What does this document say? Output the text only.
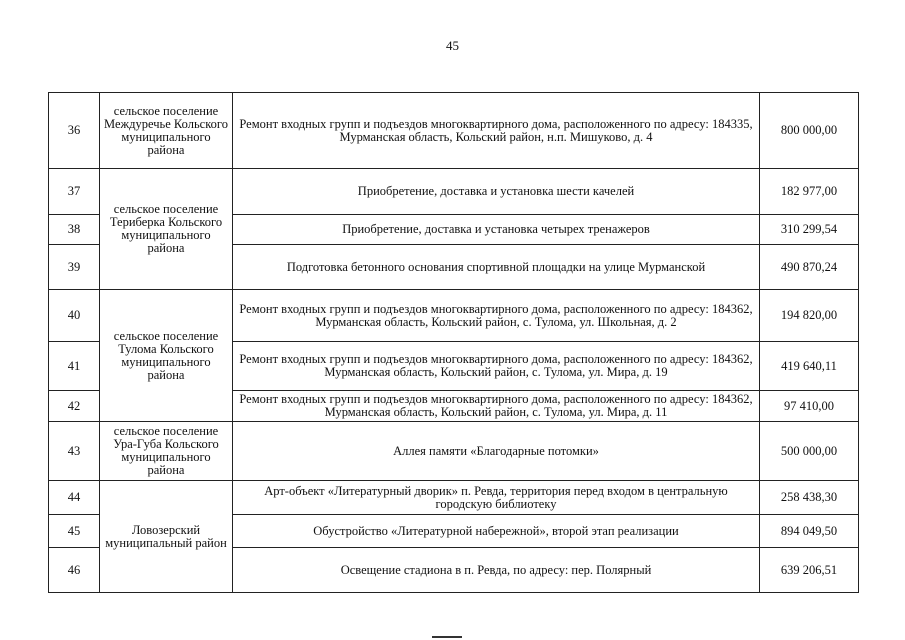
45
36	сельское поселение Междуречье Кольского муниципального района	Ремонт входных групп и подъездов многоквартирного дома, расположенного по адресу: 184335, Мурманская область, Кольский район, н.п. Мишуково, д. 4	800 000,00
37	сельское поселение Териберка Кольского муниципального района	Приобретение, доставка и установка шести качелей	182 977,00
38		Приобретение, доставка и установка четырех тренажеров	310 299,54
39		Подготовка бетонного основания спортивной площадки на улице Мурманской	490 870,24
40	сельское поселение Тулома Кольского муниципального района	Ремонт входных групп и подъездов многоквартирного дома, расположенного по адресу: 184362, Мурманская область, Кольский район, с. Тулома, ул. Школьная, д. 2	194 820,00
41		Ремонт входных групп и подъездов многоквартирного дома, расположенного по адресу: 184362, Мурманская область, Кольский район, с. Тулома, ул. Мира, д. 19	419 640,11
42		Ремонт входных групп и подъездов многоквартирного дома, расположенного по адресу: 184362, Мурманская область, Кольский район, с. Тулома, ул. Мира, д. 11	97 410,00
43	сельское поселение Ура-Губа Кольского муниципального района	Аллея памяти «Благодарные потомки»	500 000,00
44	Ловозерский муниципальный район	Арт-объект «Литературный дворик» п. Ревда, территория перед входом в центральную городскую библиотеку	258 438,30
45		Обустройство «Литературной набережной», второй этап реализации	894 049,50
46		Освещение стадиона в п. Ревда, по адресу: пер. Полярный	639 206,51
